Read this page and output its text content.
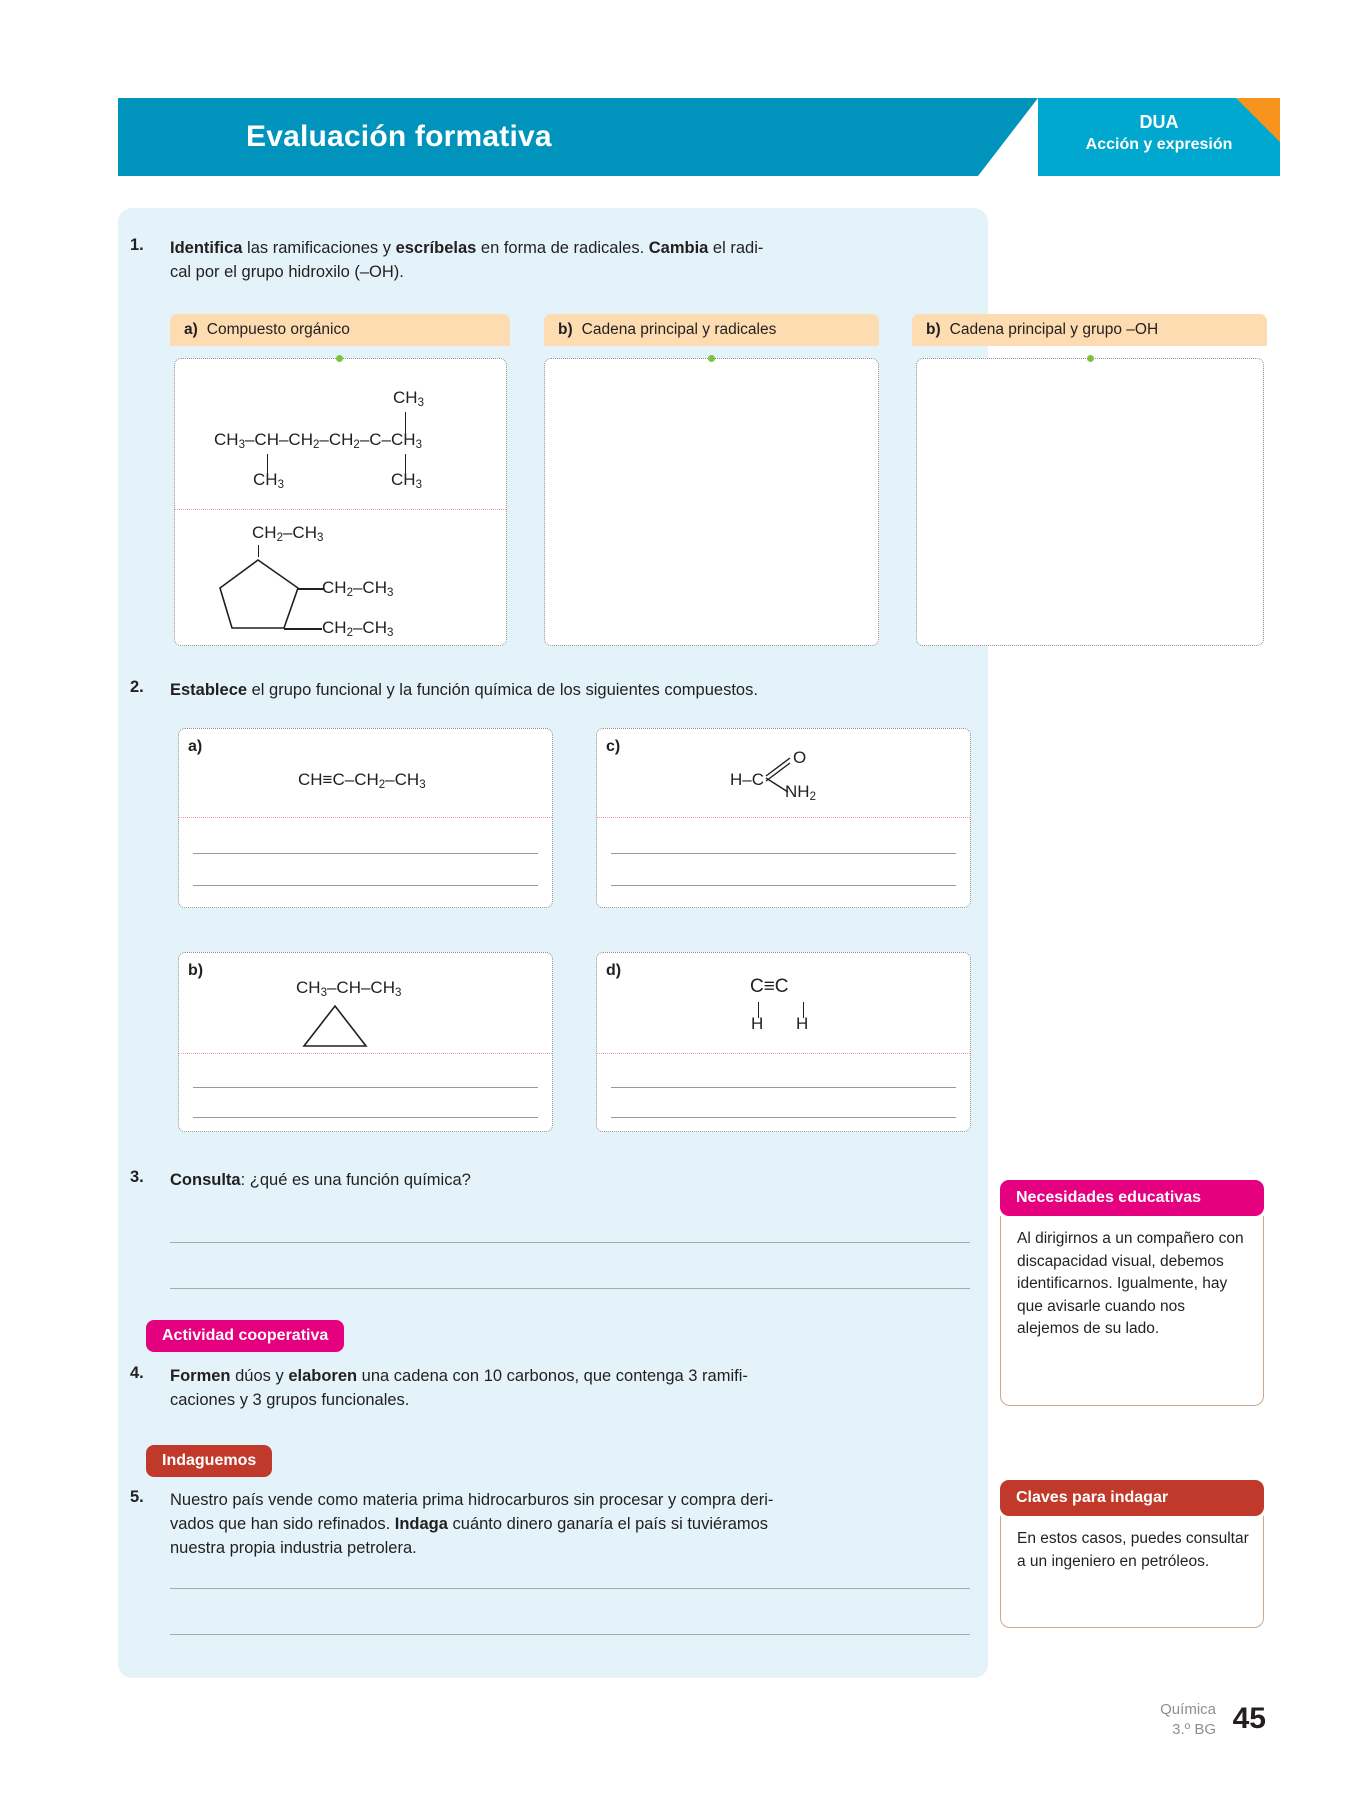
Evaluación formativa	DUA
Acción y expresión
1. Identifica las ramificaciones y escríbelas en forma de radicales. Cambia el radi-
cal por el grupo hidroxilo (–OH).
a) Compuesto orgánico	b) Cadena principal y radicales	b) Cadena principal y grupo –OH
$CH_3$
$CH_3-CH-CH_2-CH_2-C-CH_3$
$CH_3$	$CH_3$
$CH_2-CH_3$
$CH_2-CH_3$
$CH_2-CH_3$
2. Establece el grupo funcional y la función química de los siguientes compuestos.
a)
$CH\equiv C-CH_2-CH_3$
c)
H–C
O
$NH_2$
b)
$CH_3-CH-CH_3$
d)
C≡C
H H
3. Consulta: ¿qué es una función química?
Actividad cooperativa
4. Formen dúos y elaboren una cadena con 10 carbonos, que contenga 3 ramifi-
caciones y 3 grupos funcionales.
Indaguemos
5. Nuestro país vende como materia prima hidrocarburos sin procesar y compra deri-
vados que han sido refinados. Indaga cuánto dinero ganaría el país si tuviéramos
nuestra propia industria petrolera.
Necesidades educativas
Al dirigirnos a un compañero con discapacidad visual, debemos identificarnos. Igualmente, hay que avisarle cuando nos alejemos de su lado.
Claves para indagar
En estos casos, puedes consultar a un ingeniero en petróleos.
Química
3.º BG 45
